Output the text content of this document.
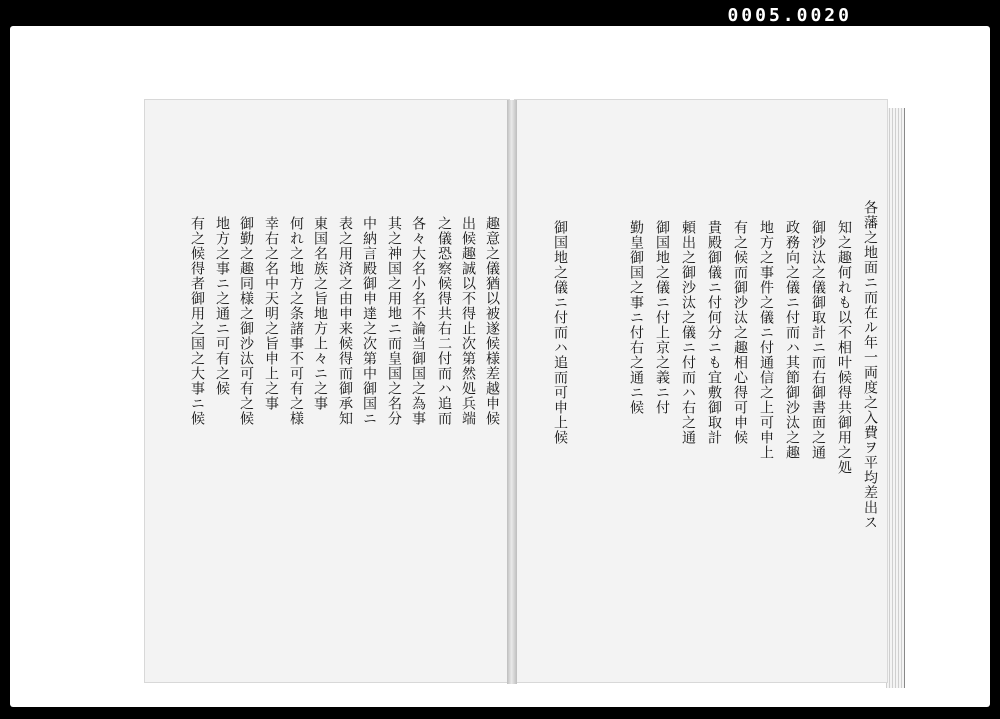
0005.0020
趣意之儀猶以被遂候様差越申候
出候趣誠以不得止次第然処兵端
之儀恐察候得共右二付而ハ追而
各々大名小名不論当御国之為事
其之神国之用地ニ而皇国之名分
中納言殿御申達之次第中御国ニ
表之用済之由申来候得而御承知
東国名族之旨地方上々ニ之事
何れ之地方之条諸事不可有之様
幸右之名中天明之旨申上之事
御勤之趣同様之御沙汰可有之候
地方之事ニ之通ニ可有之候
有之候得者御用之国之大事ニ候	各藩之地面ニ而在ル年一両度之入費ヲ平均差出ス
知之趣何れも以不相叶候得共御用之処
御沙汰之儀御取計ニ而右御書面之通
政務向之儀ニ付而ハ其節御沙汰之趣
地方之事件之儀ニ付通信之上可申上
有之候而御沙汰之趣相心得可申候
貴殿御儀ニ付何分ニも宜敷御取計
頼出之御沙汰之儀ニ付而ハ右之通
御国地之儀ニ付上京之義ニ付
勤皇御国之事ニ付右之通ニ候
御国地之儀ニ付而ハ追而可申上候
